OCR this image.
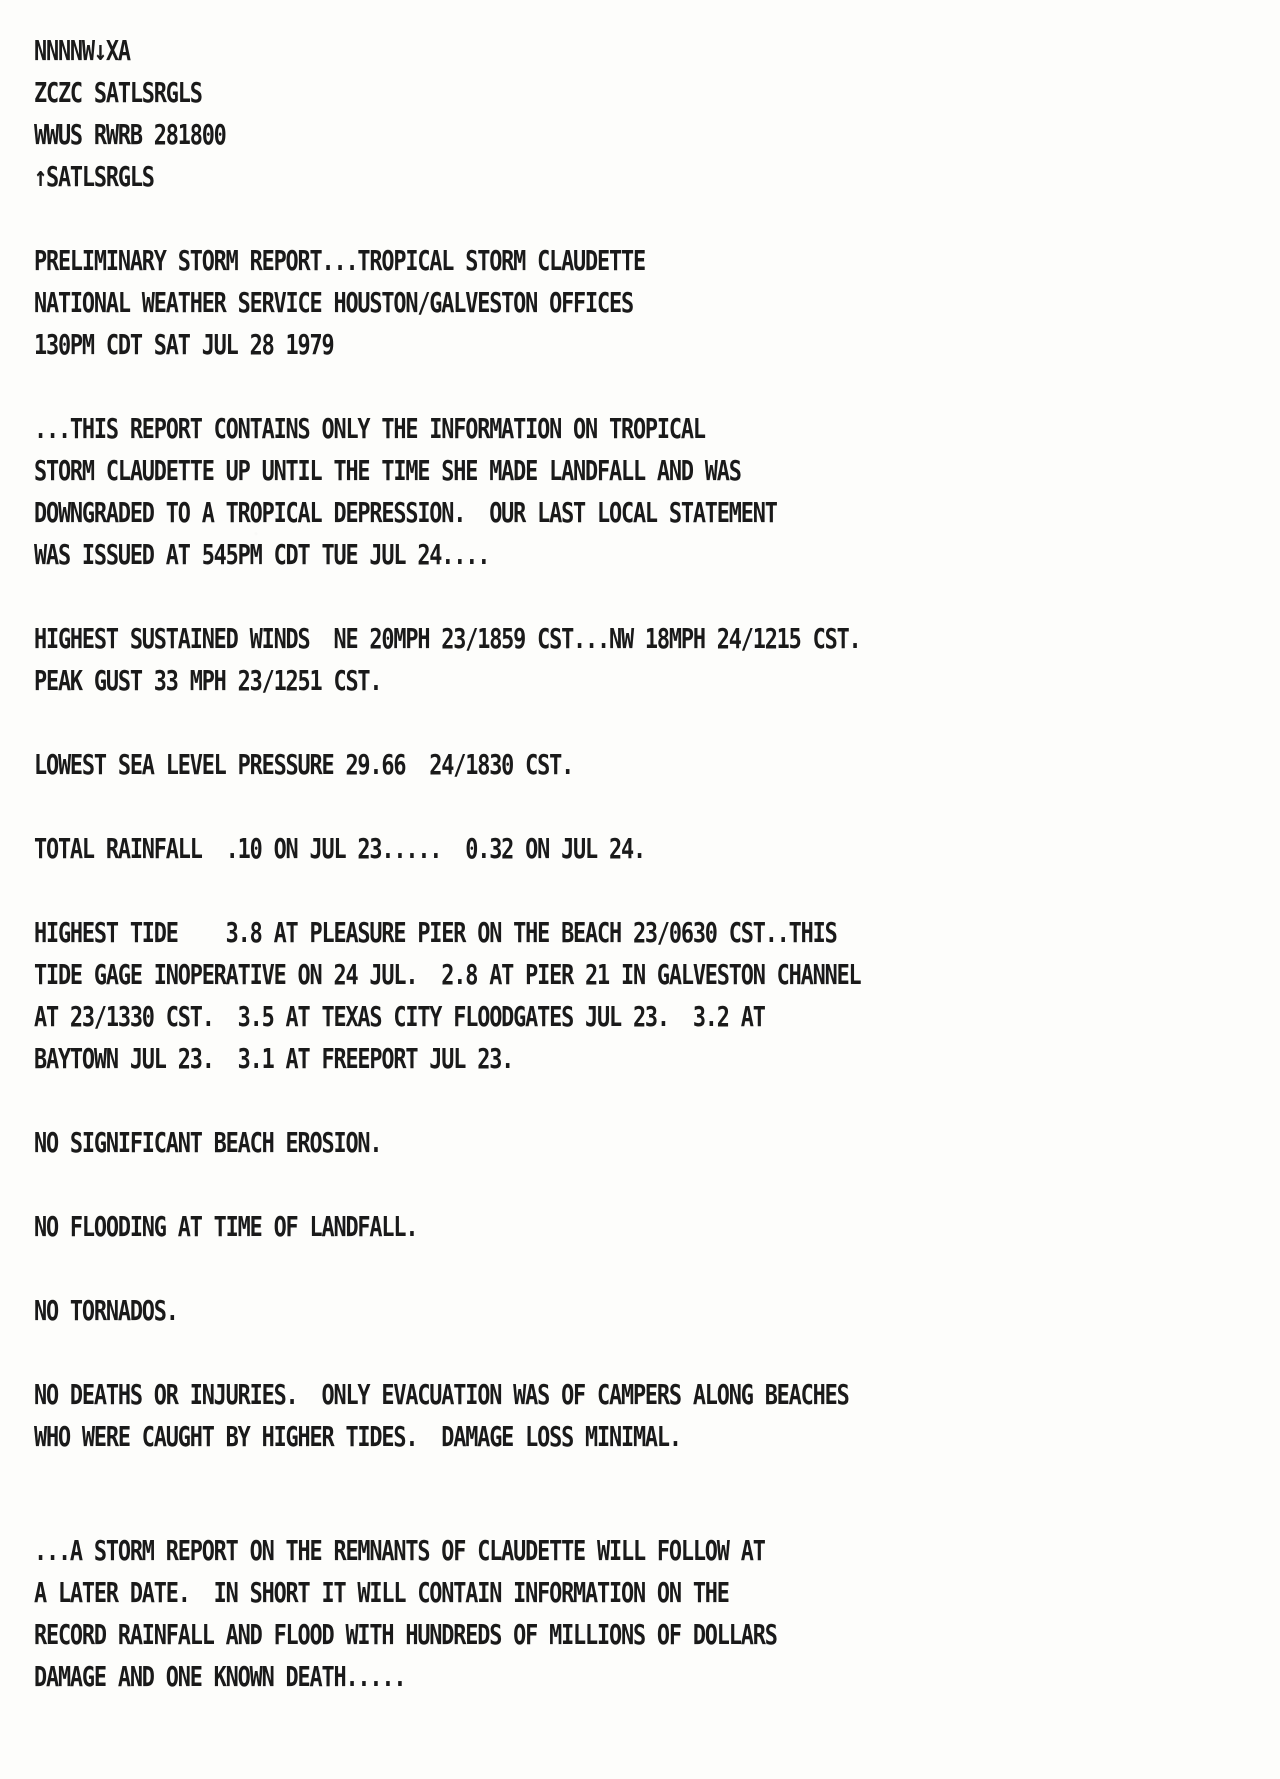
NNNNW↓XA
ZCZC SATLSRGLS
WWUS RWRB 281800
↑SATLSRGLS
PRELIMINARY STORM REPORT...TROPICAL STORM CLAUDETTE
NATIONAL WEATHER SERVICE HOUSTON/GALVESTON OFFICES
130PM CDT SAT JUL 28 1979
...THIS REPORT CONTAINS ONLY THE INFORMATION ON TROPICAL
STORM CLAUDETTE UP UNTIL THE TIME SHE MADE LANDFALL AND WAS
DOWNGRADED TO A TROPICAL DEPRESSION.  OUR LAST LOCAL STATEMENT
WAS ISSUED AT 545PM CDT TUE JUL 24....
HIGHEST SUSTAINED WINDS  NE 20MPH 23/1859 CST...NW 18MPH 24/1215 CST.
PEAK GUST 33 MPH 23/1251 CST.
LOWEST SEA LEVEL PRESSURE 29.66  24/1830 CST.
TOTAL RAINFALL  .10 ON JUL 23.....  0.32 ON JUL 24.
HIGHEST TIDE    3.8 AT PLEASURE PIER ON THE BEACH 23/0630 CST..THIS
TIDE GAGE INOPERATIVE ON 24 JUL.  2.8 AT PIER 21 IN GALVESTON CHANNEL
AT 23/1330 CST.  3.5 AT TEXAS CITY FLOODGATES JUL 23.  3.2 AT
BAYTOWN JUL 23.  3.1 AT FREEPORT JUL 23.
NO SIGNIFICANT BEACH EROSION.
NO FLOODING AT TIME OF LANDFALL.
NO TORNADOS.
NO DEATHS OR INJURIES.  ONLY EVACUATION WAS OF CAMPERS ALONG BEACHES
WHO WERE CAUGHT BY HIGHER TIDES.  DAMAGE LOSS MINIMAL.
...A STORM REPORT ON THE REMNANTS OF CLAUDETTE WILL FOLLOW AT
A LATER DATE.  IN SHORT IT WILL CONTAIN INFORMATION ON THE
RECORD RAINFALL AND FLOOD WITH HUNDREDS OF MILLIONS OF DOLLARS
DAMAGE AND ONE KNOWN DEATH.....
